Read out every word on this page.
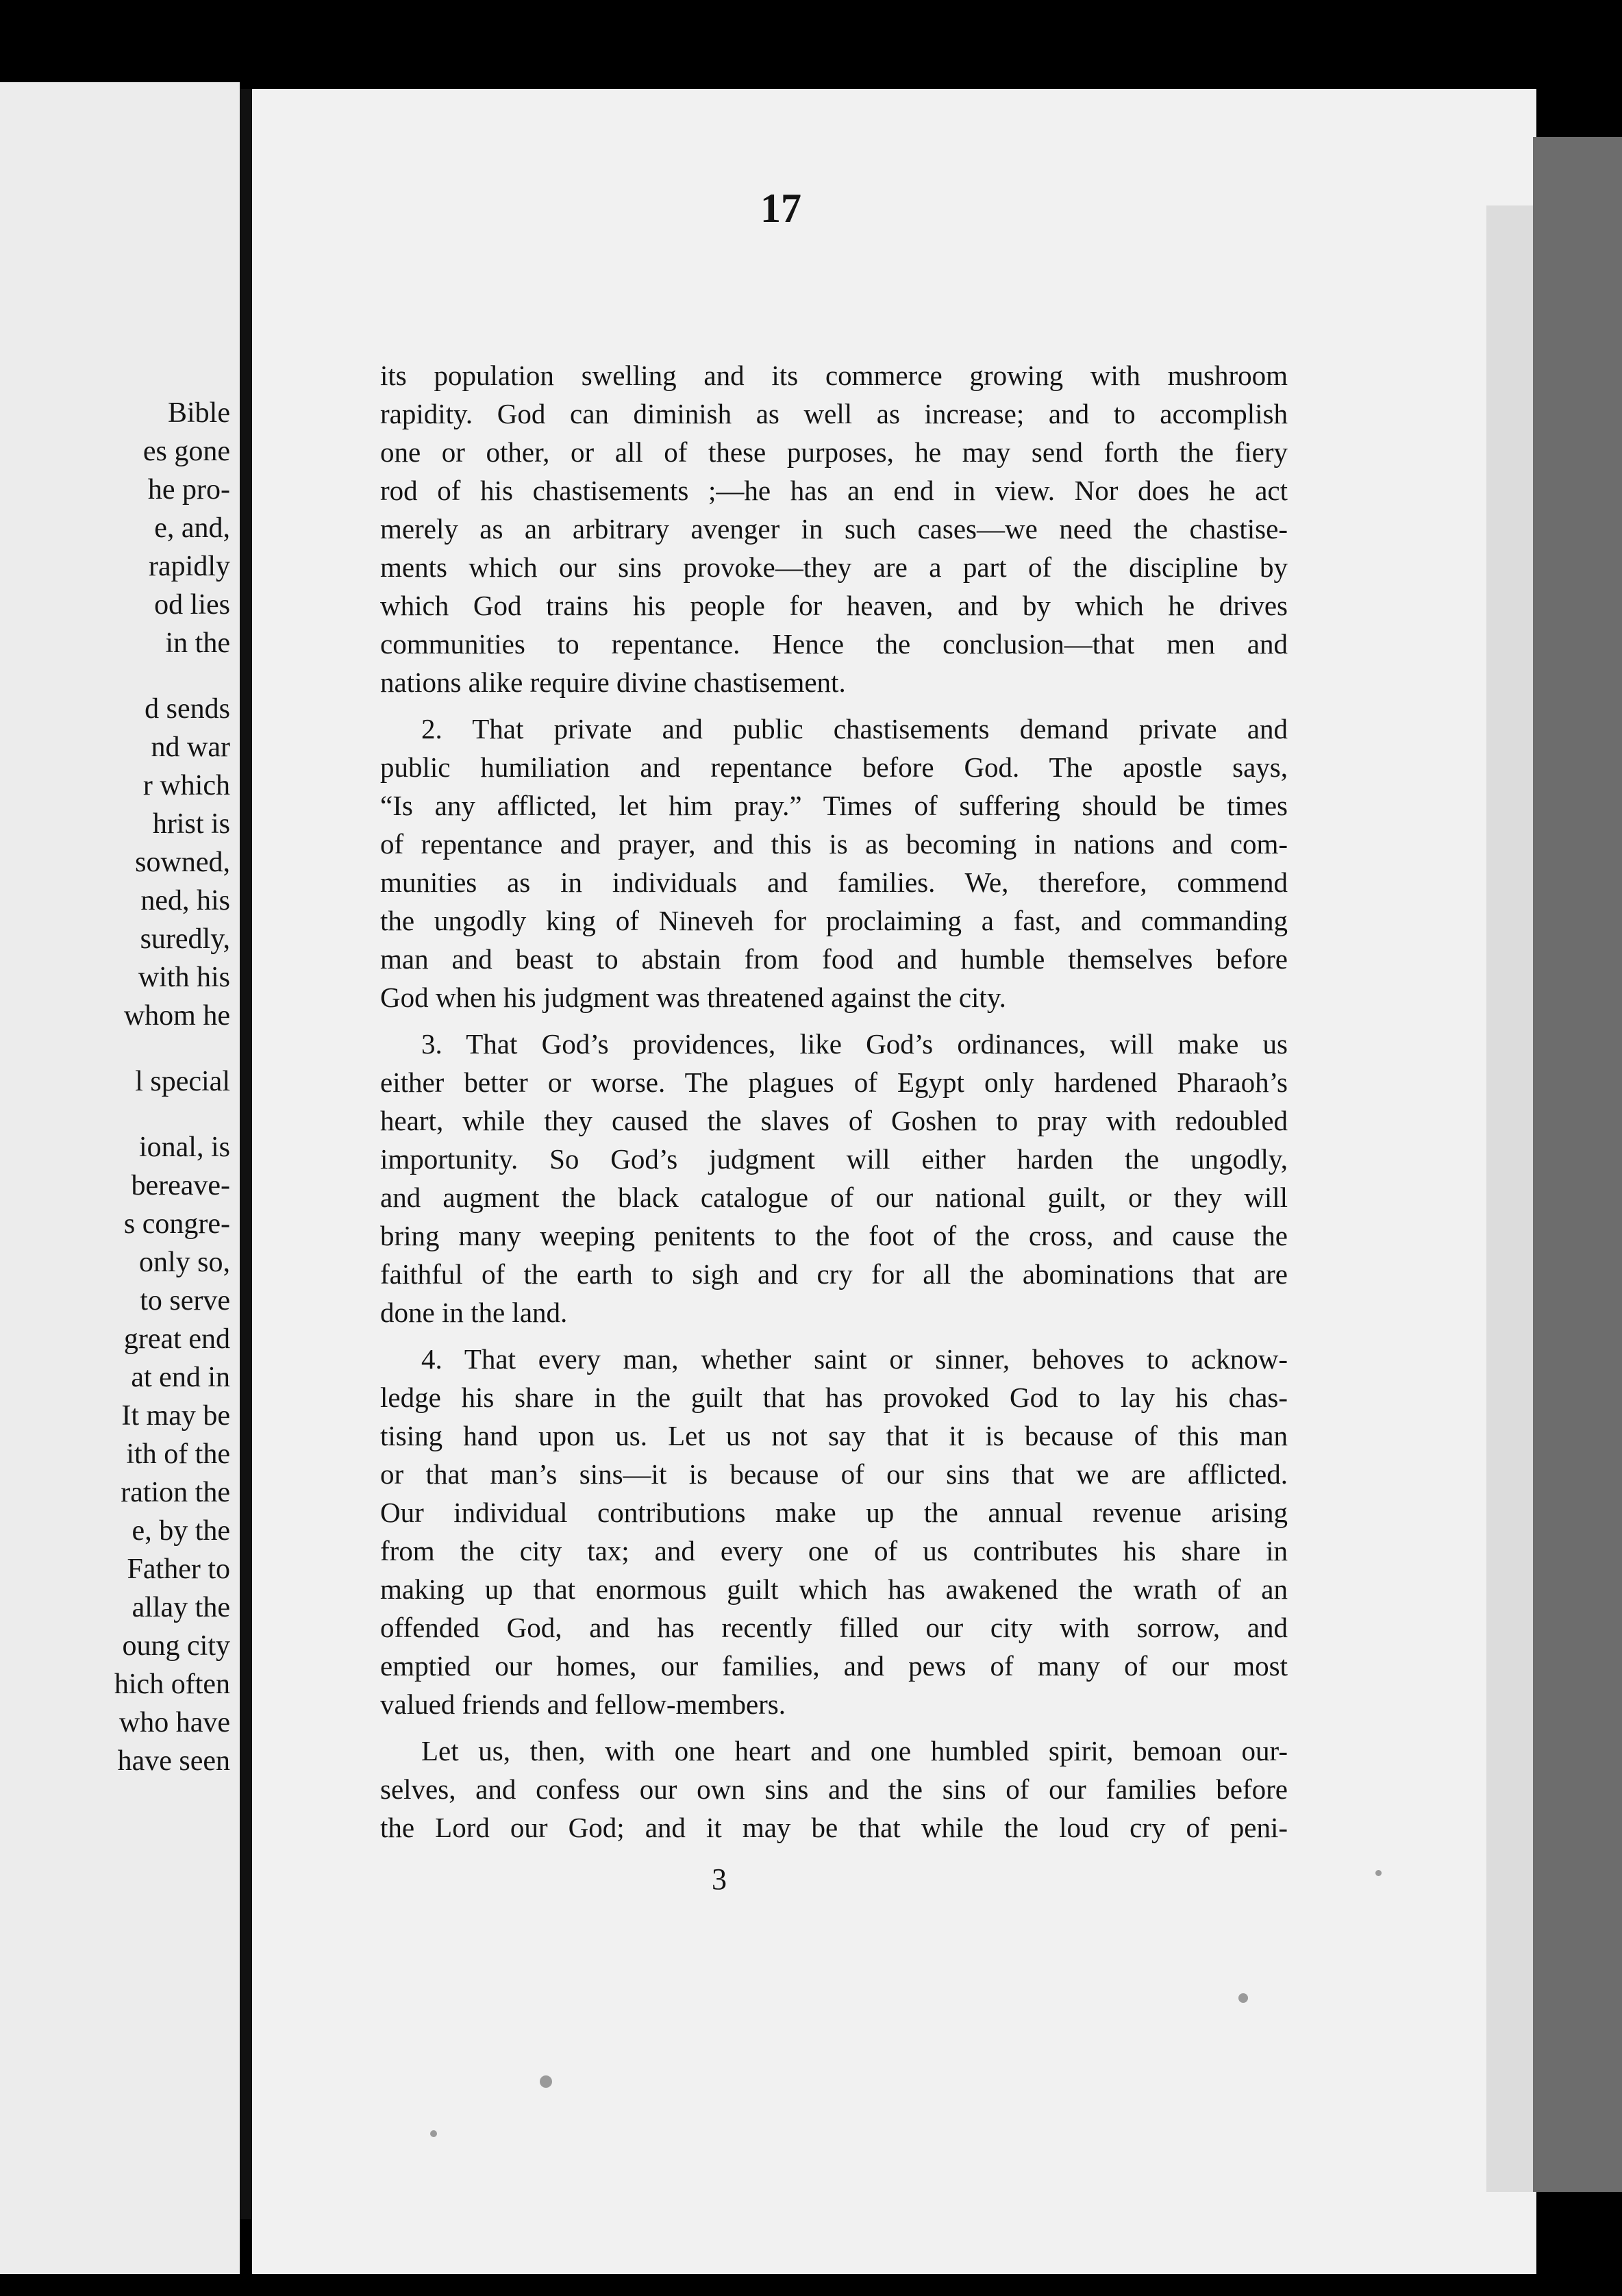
Bible
es gone
he pro-
e, and,
rapidly
od lies
in the
d sends
nd war
r which
hrist is
sowned,
ned, his
suredly,
with his
whom he
l special
ional, is
bereave-
s congre-
only so,
to serve
great end
at end in
It may be
ith of the
ration the
e, by the
Father to
allay the
oung city
hich often
who have
have seen
17
its population swelling and its commerce growing with mushroom
rapidity. God can diminish as well as increase; and to accomplish
one or other, or all of these purposes, he may send forth the fiery
rod of his chastisements ;—he has an end in view. Nor does he act
merely as an arbitrary avenger in such cases—we need the chastise-
ments which our sins provoke—they are a part of the discipline by
which God trains his people for heaven, and by which he drives
communities to repentance. Hence the conclusion—that men and
nations alike require divine chastisement.
2. That private and public chastisements demand private and
public humiliation and repentance before God. The apostle says,
“Is any afflicted, let him pray.” Times of suffering should be times
of repentance and prayer, and this is as becoming in nations and com-
munities as in individuals and families. We, therefore, commend
the ungodly king of Nineveh for proclaiming a fast, and commanding
man and beast to abstain from food and humble themselves before
God when his judgment was threatened against the city.
3. That God’s providences, like God’s ordinances, will make us
either better or worse. The plagues of Egypt only hardened Pharaoh’s
heart, while they caused the slaves of Goshen to pray with redoubled
importunity. So God’s judgment will either harden the ungodly,
and augment the black catalogue of our national guilt, or they will
bring many weeping penitents to the foot of the cross, and cause the
faithful of the earth to sigh and cry for all the abominations that are
done in the land.
4. That every man, whether saint or sinner, behoves to acknow-
ledge his share in the guilt that has provoked God to lay his chas-
tising hand upon us. Let us not say that it is because of this man
or that man’s sins—it is because of our sins that we are afflicted.
Our individual contributions make up the annual revenue arising
from the city tax; and every one of us contributes his share in
making up that enormous guilt which has awakened the wrath of an
offended God, and has recently filled our city with sorrow, and
emptied our homes, our families, and pews of many of our most
valued friends and fellow-members.
Let us, then, with one heart and one humbled spirit, bemoan our-
selves, and confess our own sins and the sins of our families before
the Lord our God; and it may be that while the loud cry of peni-
3
